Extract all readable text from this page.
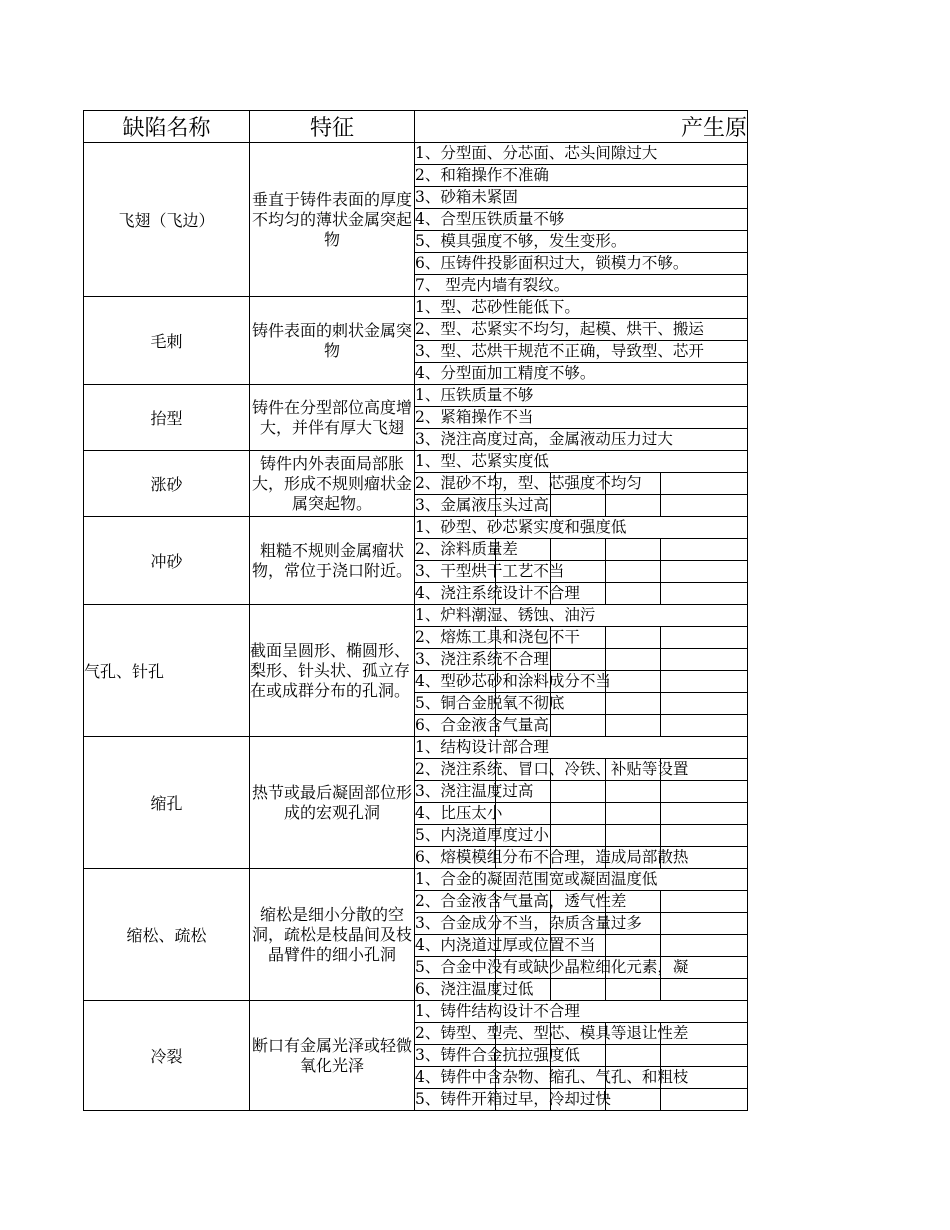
缺陷名称	特征	产生原
飞翅（飞边）	垂直于铸件表面的厚度不均匀的薄状金属突起物	1、分型面、分芯面、芯头间隙过大
		2、和箱操作不准确
		3、砂箱未紧固
		4、合型压铁质量不够
		5、模具强度不够，发生变形。
		6、压铸件投影面积过大，锁模力不够。
		7、 型壳内墙有裂纹。
毛刺	铸件表面的刺状金属突物	1、型、芯砂性能低下。
		2、型、芯紧实不均匀，起模、烘干、搬运
		3、型、芯烘干规范不正确，导致型、芯开
		4、分型面加工精度不够。
抬型	铸件在分型部位高度增大，并伴有厚大飞翅	1、压铁质量不够
		2、紧箱操作不当
		3、浇注高度过高，金属液动压力过大
涨砂	铸件内外表面局部胀大，形成不规则瘤状金属突起物。	1、型、芯紧实度低
		2、混砂不均，型、芯强度不均匀

		3、金属液压头过高

冲砂	粗糙不规则金属瘤状物，常位于浇口附近。	1、砂型、砂芯紧实度和强度低
		2、涂料质量差

		3、干型烘干工艺不当

		4、浇注系统设计不合理

气孔、针孔	截面呈圆形、椭圆形、梨形、针头状、孤立存在或成群分布的孔洞。	1、炉料潮湿、锈蚀、油污
		2、熔炼工具和浇包不干

		3、浇注系统不合理

		4、型砂芯砂和涂料成分不当

		5、铜合金脱氧不彻底

		6、合金液含气量高

缩孔	热节或最后凝固部位形成的宏观孔洞	1、结构设计部合理
		2、浇注系统、冒口、冷铁、补贴等设置

		3、浇注温度过高

		4、比压太小

		5、内浇道厚度过小

		6、熔模模组分布不合理，造成局部散热

缩松、疏松	缩松是细小分散的空洞，疏松是枝晶间及枝晶臂件的细小孔洞	1、合金的凝固范围宽或凝固温度低
		2、合金液含气量高，透气性差

		3、合金成分不当，杂质含量过多

		4、内浇道过厚或位置不当

		5、合金中没有或缺少晶粒细化元素，凝

		6、浇注温度过低

冷裂	断口有金属光泽或轻微氧化光泽	1、铸件结构设计不合理
		2、铸型、型壳、型芯、模具等退让性差

		3、铸件合金抗拉强度低

		4、铸件中含杂物、缩孔、气孔、和粗枝

		5、铸件开箱过早，冷却过快
